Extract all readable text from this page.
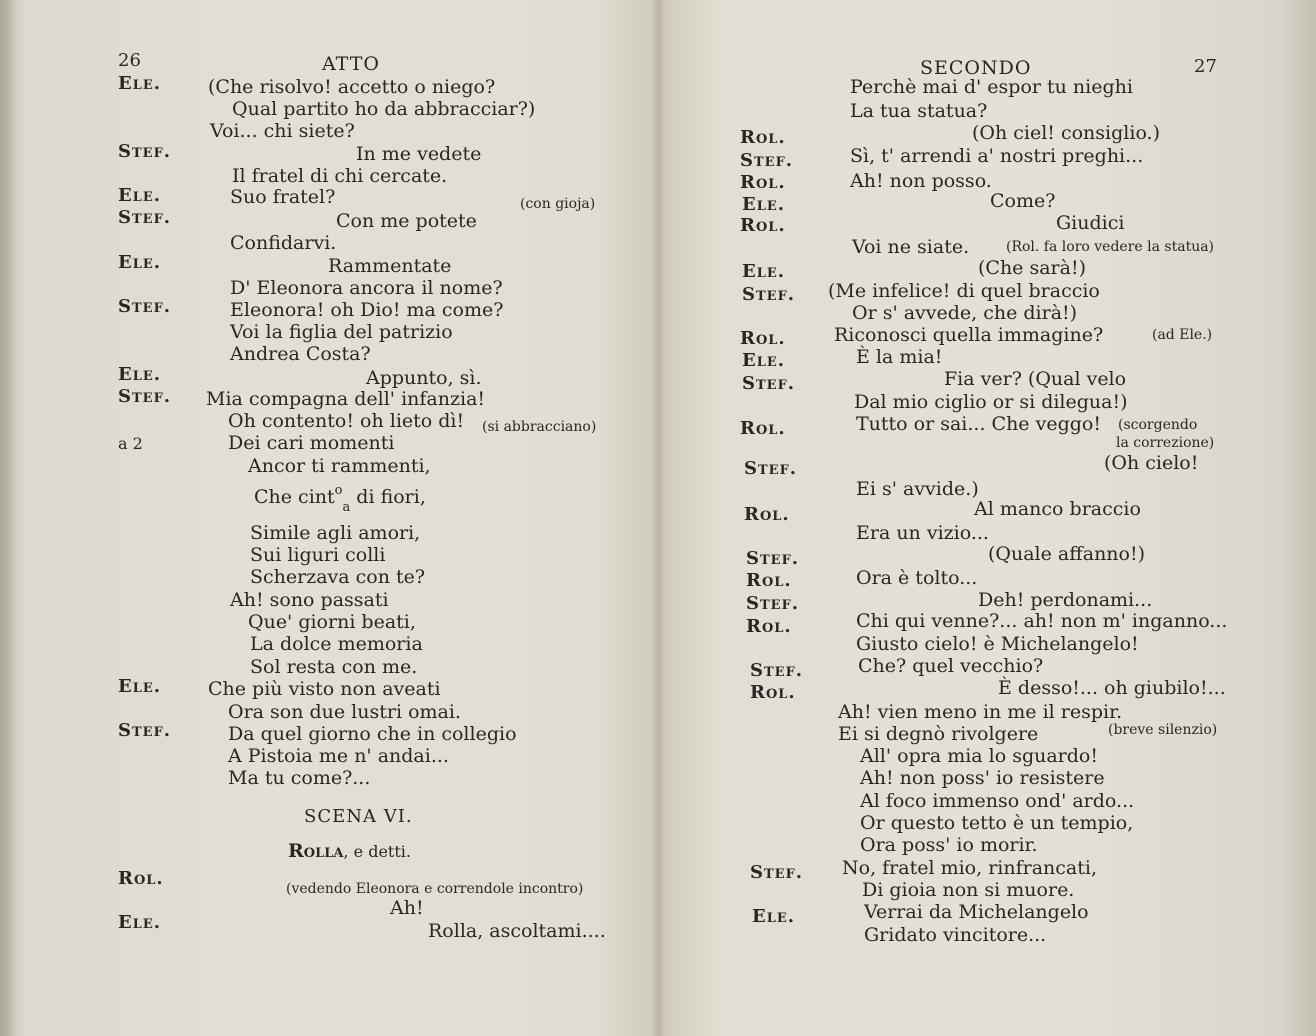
26	ATTO
Ele. (Che risolvo! accetto o niego?
Qual partito ho da abbracciar?)
Voi... chi siete?
Stef.	In me vedete
Il fratel di chi cercate.
Ele.	Suo fratel?	(con gioja)
Stef.	Con me potete
Confidarvi.
Ele.	Rammentate
D' Eleonora ancora il nome?
Stef.	Eleonora! oh Dio! ma come?
Voi la figlia del patrizio
Andrea Costa?
Ele.	Appunto, sì.
Stef. Mia compagna dell' infanzia!
Oh contento! oh lieto dì! (si abbracciano)
a 2	Dei cari momenti
Ancor ti rammenti,
Che cint$^o_a$ di fiori,
Simile agli amori,
Sui liguri colli
Scherzava con te?
Ah! sono passati
Que' giorni beati,
La dolce memoria
Sol resta con me.
Ele. Che più visto non aveati
Ora son due lustri omai.
Stef.	Da quel giorno che in collegio
A Pistoia me n' andai...
Ma tu come?...
SCENA VI.
Rolla, e detti.
Rol.	(vedendo Eleonora e correndole incontro)
Ah!
Ele.	Rolla, ascoltami....
SECONDO	27
Perchè mai d' espor tu nieghi
La tua statua?
Rol.	(Oh ciel! consiglio.)
Stef.	Sì, t' arrendi a' nostri preghi...
Rol.	Ah! non posso.
Ele.	Come?
Rol.	Giudici
Voi ne siate.	(Rol. fa loro vedere la statua)
Ele.	(Che sarà!)
Stef. (Me infelice! di quel braccio
Or s' avvede, che dirà!)
Rol.	Riconosci quella immagine?	(ad Ele.)
Ele.	È la mia!
Stef.	Fia ver? (Qual velo
Dal mio ciglio or si dilegua!)
Rol.	Tutto or sai... Che veggo! (scorgendo
la correzione)
Stef.	(Oh cielo!
Ei s' avvide.)
Rol.	Al manco braccio
Era un vizio...
Stef.	(Quale affanno!)
Rol.	Ora è tolto...
Stef.	Deh! perdonami...
Rol.	Chi qui venne?... ah! non m' inganno...
Giusto cielo! è Michelangelo!
Stef.	Che? quel vecchio?
Rol.	È desso!... oh giubilo!...
Ah! vien meno in me il respir.
Ei si degnò rivolgere	(breve silenzio)
All' opra mia lo sguardo!
Ah! non poss' io resistere
Al foco immenso ond' ardo...
Or questo tetto è un tempio,
Ora poss' io morir.
Stef. No, fratel mio, rinfrancati,
Di gioia non si muore.
Ele.	Verrai da Michelangelo
Gridato vincitore...
